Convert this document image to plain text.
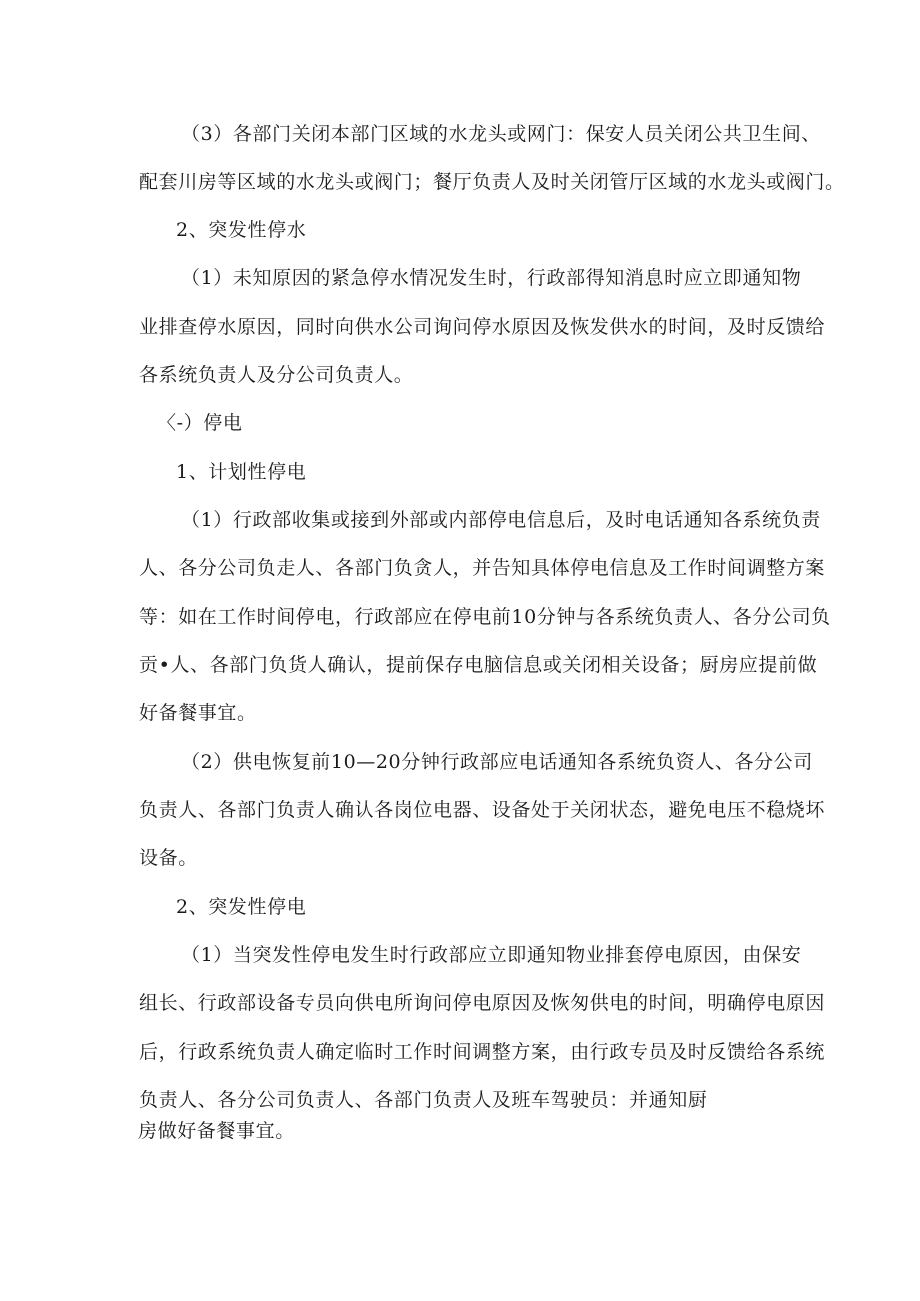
（3）各部门关闭本部门区域的水龙头或网门：保安人员关闭公共卫生间、
配套川房等区域的水龙头或阀门；餐厅负责人及时关闭管厅区域的水龙头或阀门。
2、突发性停水
（1）未知原因的紧急停水情况发生时，行政部得知消息时应立即通知物
业排查停水原因，同时向供水公司询问停水原因及恢发供水的时间，及时反馈给
各系统负责人及分公司负责人。
〈-）停电
1、计划性停电
（1）行政部收集或接到外部或内部停电信息后，及时电话通知各系统负责
人、各分公司负走人、各部门负贪人，并告知具体停电信息及工作时间调整方案
等：如在工作时间停电，行政部应在停电前10分钟与各系统负责人、各分公司负
贡•人、各部门负货人确认，提前保存电脑信息或关闭相关设备；厨房应提前做
好备餐事宜。
（2）供电恢复前10—20分钟行政部应电话通知各系统负资人、各分公司
负责人、各部门负责人确认各岗位电器、设备处于关闭状态，避免电压不稳烧坏
设备。
2、突发性停电
（1）当突发性停电发生时行政部应立即通知物业排套停电原因，由保安
组长、行政部设备专员向供电所询问停电原因及恢匆供电的时间，明确停电原因
后，行政系统负责人确定临时工作时间调整方案，由行政专员及时反馈给各系统
负责人、各分公司负责人、各部门负责人及班车驾驶员：并通知厨
房做好备餐事宜。
